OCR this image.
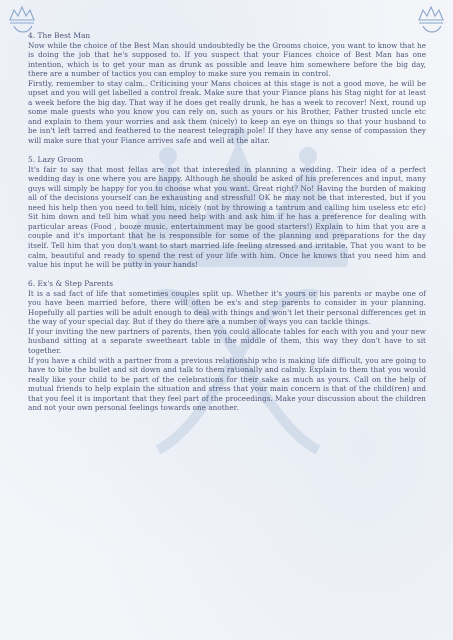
4. The Best Man

Now while the choice of the Best Man should undoubtedly be the Grooms choice, you want to know that he is doing the job that he's supposed to. If you suspect that your Fiances choice of Best Man has one intention, which is to get your man as drunk as possible and leave him somewhere before the big day, there are a number of tactics you can employ to make sure you remain in control.

Firstly, remember to stay calm.. Criticising your Mans choices at this stage is not a good move, he will be upset and you will get labelled a control freak. Make sure that your Fiance plans his Stag night for at least a week before the big day. That way if he does get really drunk, he has a week to recover! Next, round up some male guests who you know you can rely on, such as yours or his Brother, Father trusted uncle etc and explain to them your worries and ask them (nicely) to keep an eye on things so that your husband to be isn't left tarred and feathered to the nearest telegraph pole! If they have any sense of compassion they will make sure that your Fiance arrives safe and well at the altar.

5. Lazy Groom

It's fair to say that most fellas are not that interested in planning a wedding. Their idea of a perfect wedding day is one where you are happy. Although he should be asked of his preferences and input, many guys will simply be happy for you to choose what you want. Great right? No! Having the burden of making all of the decisions yourself can be exhausting and stressful! OK he may not be that interested, but if you need his help then you need to tell him, nicely (not by throwing a tantrum and calling him useless etc etc) Sit him down and tell him what you need help with and ask him if he has a preference for dealing with particular areas (Food , booze music, entertainment may be good starters!) Explain to him that you are a couple and it's important that he is responsible for some of the planning and preparations for the day itself. Tell him that you don't want to start married life feeling stressed and irritable. That you want to be calm, beautiful and ready to spend the rest of your life with him. Once he knows that you need him and value his input he will be putty in your hands!

6. Ex's & Step Parents

It is a sad fact of life that sometimes couples split up. Whether it's yours or his parents or maybe one of you have been married before, there will often be ex's and step parents to consider in your planning. Hopefully all parties will be adult enough to deal with things and won't let their personal differences get in the way of your special day. But if they do there are a number of ways you can tackle things.

If your inviting the new partners of parents, then you could allocate tables for each with you and your new husband sitting at a separate sweetheart table in the middle of them, this way they don't have to sit together.

If you have a child with a partner from a previous relationship who is making life difficult, you are going to have to bite the bullet and sit down and talk to them rationally and calmly. Explain to them that you would really like your child to be part of the celebrations for their sake as much as yours. Call on the help of mutual friends to help explain the situation and stress that your main concern is that of the child(ren) and that you feel it is important that they feel part of the proceedings. Make your discussion about the children and not your own personal feelings towards one another.
